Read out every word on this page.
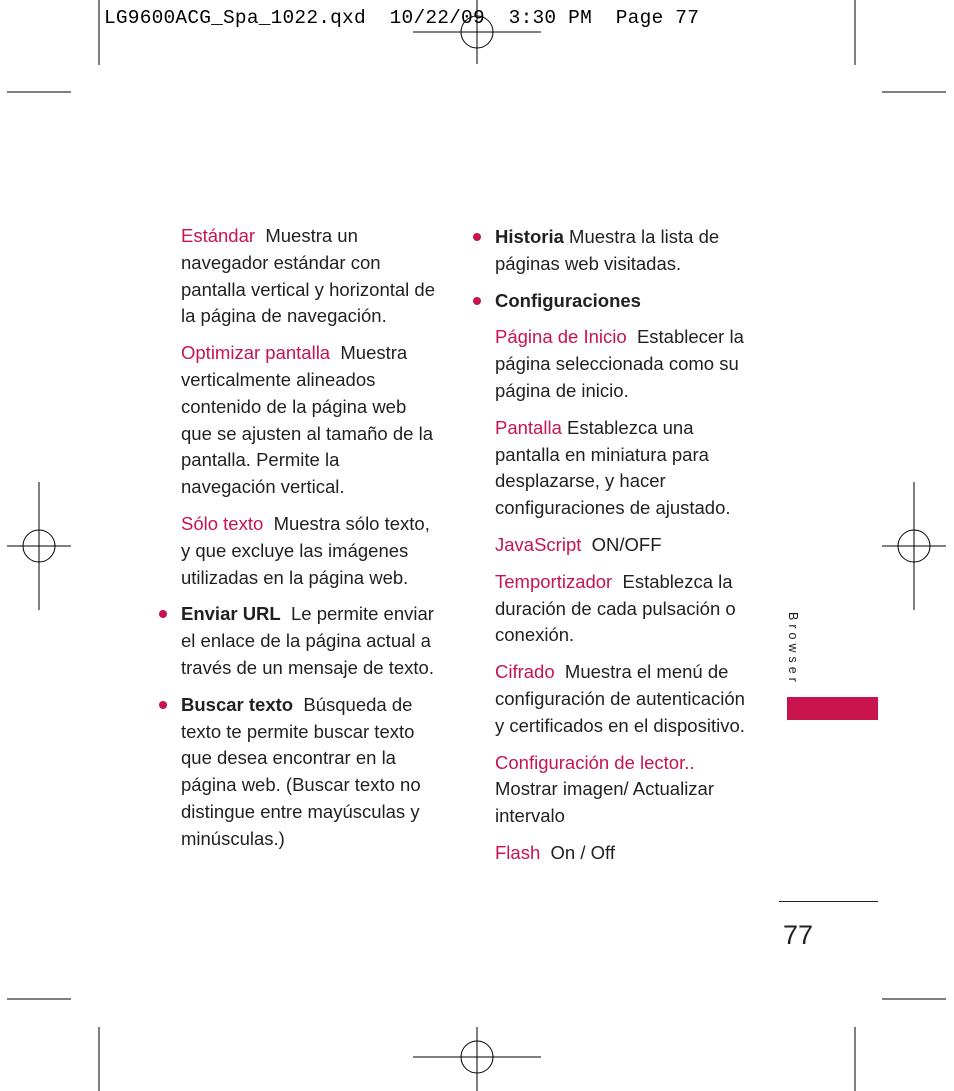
LG9600ACG_Spa_1022.qxd  10/22/09  3:30 PM  Page 77

Estándar Muestra un navegador estándar con pantalla vertical y horizontal de la página de navegación.

Optimizar pantalla Muestra verticalmente alineados contenido de la página web que se ajusten al tamaño de la pantalla. Permite la navegación vertical.

Sólo texto Muestra sólo texto, y que excluye las imágenes utilizadas en la página web.

Enviar URL Le permite enviar el enlace de la página actual a través de un mensaje de texto.
Buscar texto Búsqueda de texto te permite buscar texto que desea encontrar en la página web. (Buscar texto no distingue entre mayúsculas y minúsculas.)
Historia Muestra la lista de páginas web visitadas.
Configuraciones

Página de Inicio Establecer la página seleccionada como su página de inicio.

Pantalla Establezca una pantalla en miniatura para desplazarse, y hacer configuraciones de ajustado.

JavaScript ON/OFF

Temportizador Establezca la duración de cada pulsación o conexión.

Cifrado Muestra el menú de configuración de autenticación y certificados en el dispositivo.

Configuración de lector..
Mostrar imagen/ Actualizar intervalo

Flash On / Off

Browser
77
